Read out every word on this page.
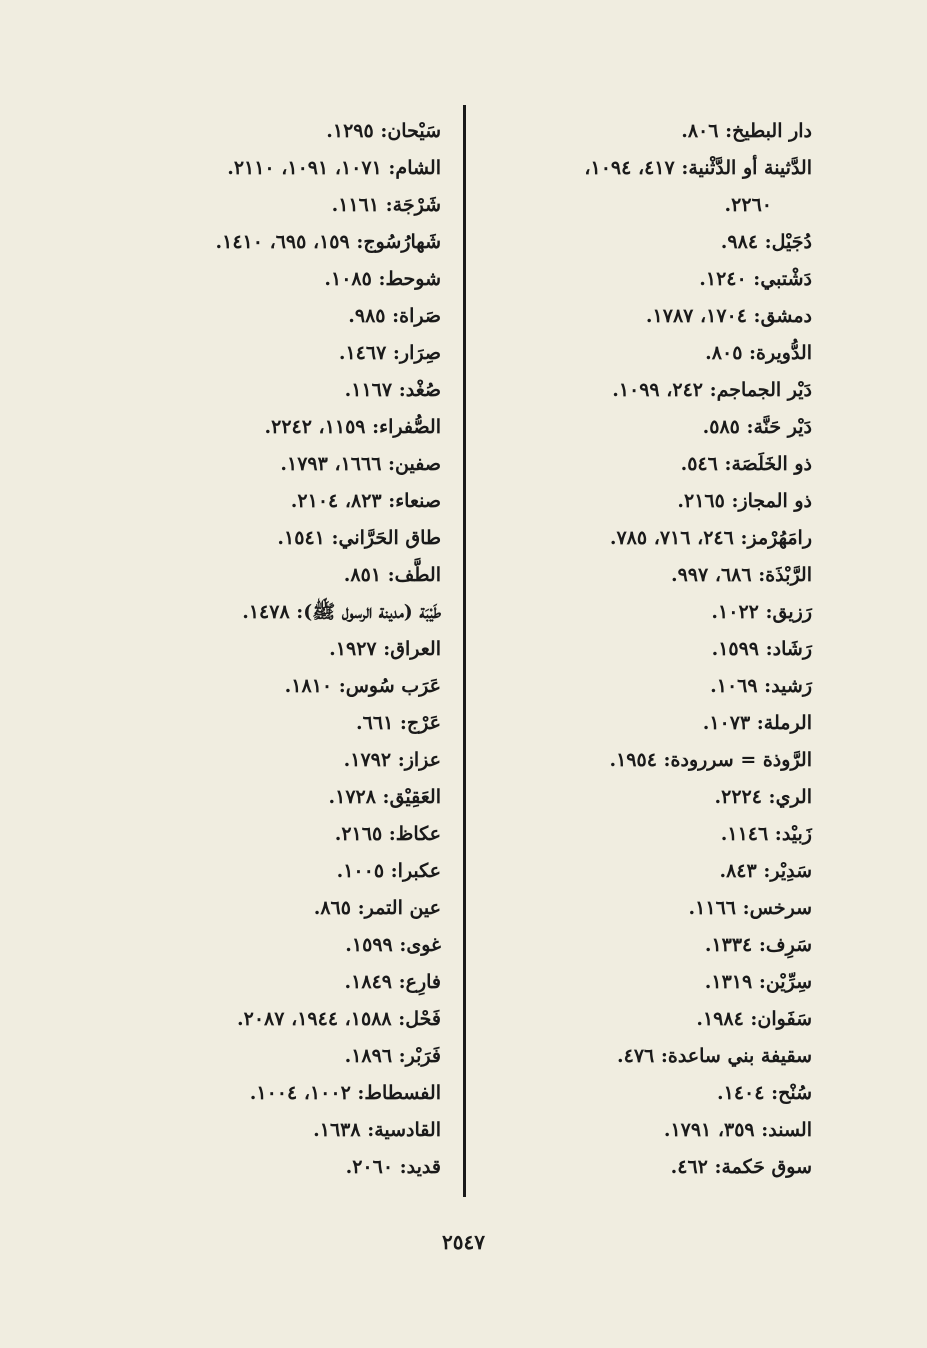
دار البطيخ: ٨٠٦.
الدَّثينة أو الدَّثْنية: ٤١٧، ١٠٩٤،
٢٢٦٠.
دُجَيْل: ٩٨٤.
دَشْتبي: ١٢٤٠.
دمشق: ١٧٠٤، ١٧٨٧.
الدُّويرة: ٨٠٥.
دَيْر الجماجم: ٢٤٢، ١٠٩٩.
دَيْر حَنَّة: ٥٨٥.
ذو الخَلَصَة: ٥٤٦.
ذو المجاز: ٢١٦٥.
رامَهُرْمز: ٢٤٦، ٧١٦، ٧٨٥.
الرَّبْذَة: ٦٨٦، ٩٩٧.
رَزيق: ١٠٢٢.
رَشَاد: ١٥٩٩.
رَشيد: ١٠٦٩.
الرملة: ١٠٧٣.
الرَّوذة = سررودة: ١٩٥٤.
الري: ٢٢٢٤.
زَبيْد: ١١٤٦.
سَدِيْر: ٨٤٣.
سرخس: ١١٦٦.
سَرِف: ١٣٣٤.
سِرِّيْن: ١٣١٩.
سَفَوان: ١٩٨٤.
سقيفة بني ساعدة: ٤٧٦.
سُنْح: ١٤٠٤.
السند: ٣٥٩، ١٧٩١.
سوق حَكمة: ٤٦٢.
سَيْحان: ١٢٩٥.
الشام: ١٠٧١، ١٠٩١، ٢١١٠.
شَرْجَة: ١١٦١.
شَهارُسُوج: ١٥٩، ٦٩٥، ١٤١٠.
شوحط: ١٠٨٥.
صَراة: ٩٨٥.
صِرَار: ١٤٦٧.
صُغْد: ١١٦٧.
الصُّفراء: ١١٥٩، ٢٢٤٢.
صفين: ١٦٦٦، ١٧٩٣.
صنعاء: ٨٢٣، ٢١٠٤.
طاق الحَرَّاني: ١٥٤١.
الطَّف: ٨٥١.
طَيْبَة (مدينة الرسول ﷺ): ١٤٧٨.
العراق: ١٩٢٧.
عَرَب سُوس: ١٨١٠.
عَرْج: ٦٦١.
عزاز: ١٧٩٢.
العَقِيْق: ١٧٢٨.
عكاظ: ٢١٦٥.
عكبرا: ١٠٠٥.
عين التمر: ٨٦٥.
غوى: ١٥٩٩.
فارِع: ١٨٤٩.
فَحْل: ١٥٨٨، ١٩٤٤، ٢٠٨٧.
فَرَبْر: ١٨٩٦.
الفسطاط: ١٠٠٢، ١٠٠٤.
القادسية: ١٦٣٨.
قديد: ٢٠٦٠.
٢٥٤٧
